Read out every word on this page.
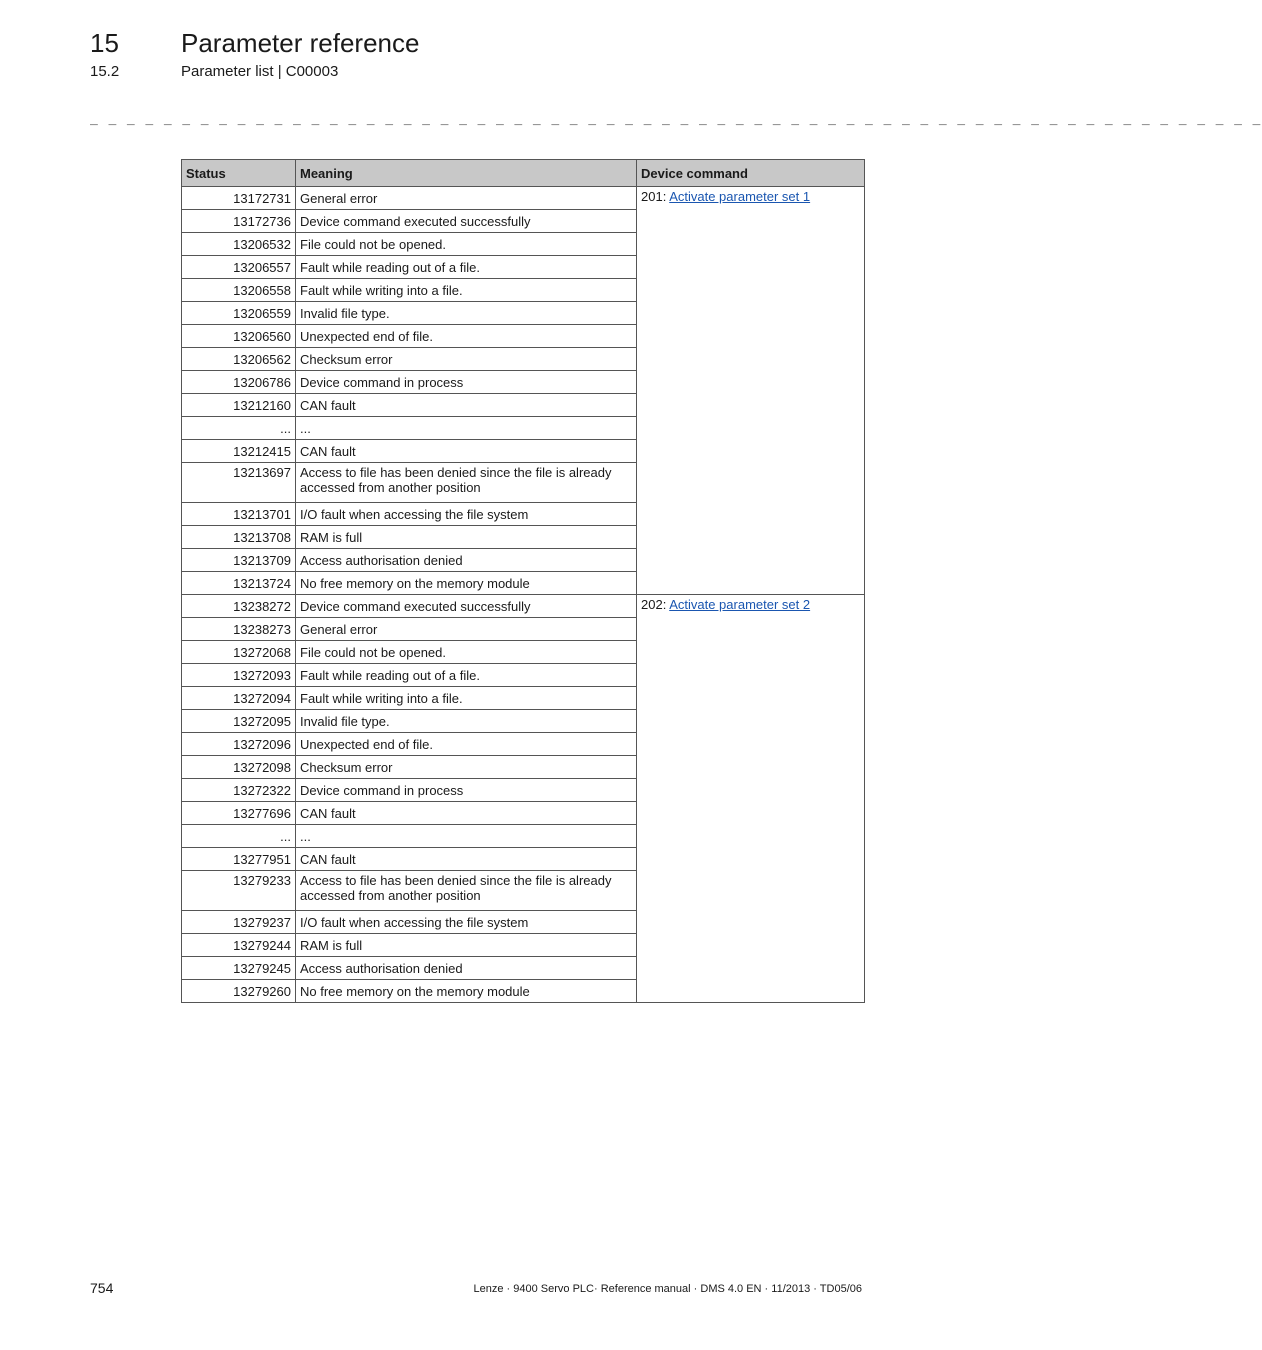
15 Parameter reference
15.2	Parameter list | C00003
_ _ _ _ _ _ _ _ _ _ _ _ _ _ _ _ _ _ _ _ _ _ _ _ _ _ _ _ _ _ _ _ _ _ _ _ _ _ _ _ _ _ _ _ _ _ _ _ _ _ _ _ _ _ _ _ _ _ _ _ _ _ _ _
Status	Meaning	Device command
13172731	General error	201: Activate parameter set 1
13172736	Device command executed successfully	
13206532	File could not be opened.	
13206557	Fault while reading out of a file.	
13206558	Fault while writing into a file.	
13206559	Invalid file type.	
13206560	Unexpected end of file.	
13206562	Checksum error	
13206786	Device command in process	
13212160	CAN fault	
...	...	
13212415	CAN fault	
13213697	Access to file has been denied since the file is already accessed from another position	
13213701	I/O fault when accessing the file system	
13213708	RAM is full	
13213709	Access authorisation denied	
13213724	No free memory on the memory module	
13238272	Device command executed successfully	202: Activate parameter set 2
13238273	General error	
13272068	File could not be opened.	
13272093	Fault while reading out of a file.	
13272094	Fault while writing into a file.	
13272095	Invalid file type.	
13272096	Unexpected end of file.	
13272098	Checksum error	
13272322	Device command in process	
13277696	CAN fault	
...	...	
13277951	CAN fault	
13279233	Access to file has been denied since the file is already accessed from another position	
13279237	I/O fault when accessing the file system	
13279244	RAM is full	
13279245	Access authorisation denied	
13279260	No free memory on the memory module	
754	Lenze · 9400 Servo PLC· Reference manual · DMS 4.0 EN · 11/2013 · TD05/06
